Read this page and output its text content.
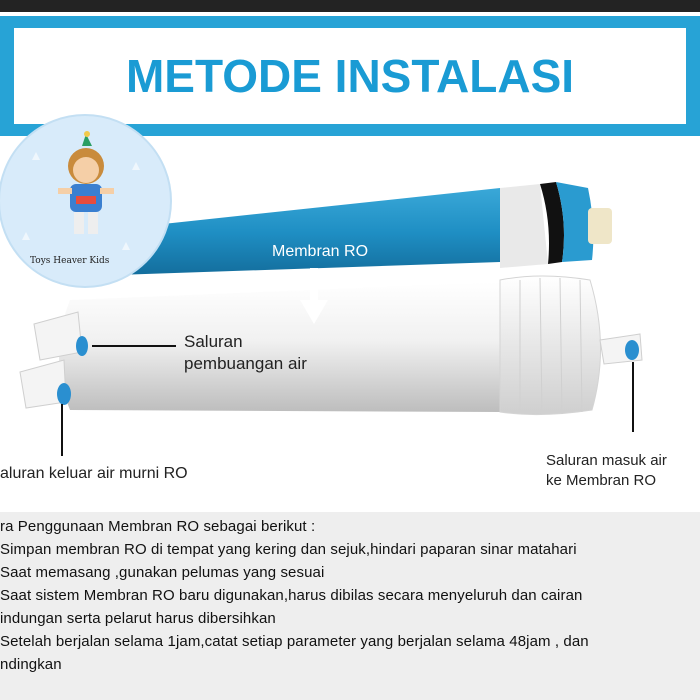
METODE INSTALASI
Toys Heaver Kids
Membran RO
Saluran
pembuangan air
aluran keluar air murni RO
Saluran masuk air
ke Membran RO
ra Penggunaan Membran RO sebagai berikut :
Simpan membran RO di tempat yang kering dan sejuk,hindari paparan sinar matahari
Saat memasang ,gunakan pelumas yang sesuai
Saat sistem Membran RO baru digunakan,harus dibilas secara menyeluruh dan cairan
indungan serta pelarut harus dibersihkan
Setelah berjalan selama 1jam,catat setiap parameter yang berjalan selama 48jam , dan
ndingkan
